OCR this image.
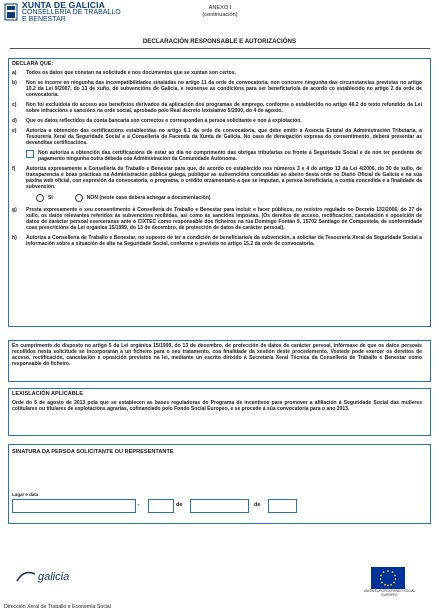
XUNTA DE GALICIA
CONSELLERÍA DE TRABALLO
E BENESTAR
ANEXO I
(continuación)
DECLARACIÓN RESPONSABLE E AUTORIZACIÓNS
DECLARA QUE:
a)	Todos os datos que constan na solicitude e nos documentos que se xuntan son certos.
b)	Non se incorre en ningunha das incompatibilidades sinaladas no artigo 11 da orde de convocatoria, non concorre ningunha das circunstancias previstas no artigo 10.2 da Lei 9/2007, do 13 de xuño, de subvencións de Galicia, e reúnense as condicións para ser beneficiario/a de acordo co establecido no artigo 2 da orde de convocatoria.
c)	Non foi excluído/a do acceso aos beneficios derivados da aplicación dos programas de emprego, conforme o establecido no artigo 46.2 do texto refundido da Lei sobre infraccións e sancións na orde social, aprobado polo Real decreto lexislativo 5/2000, do 4 de agosto.
d)	Que os datos reflectidos da conta bancaria son correctos e corresponden á persoa solicitante e non á explotación.
e)	Autoriza a obtención das certificacións establecidas no artigo 6.1 da orde de convocatoria, que debe emitir a Axencia Estatal da Administración Tributaria, a Tesourería Xeral da Seguridade Social e a Consellería de Facenda da Xunta de Galicia. No caso de denegación expresa do consentimento, deberá presentar as devanditas certificacións.
Non autoriza a obtención das certificacións de estar ao día no cumprimento das obrigas tributarias ou fronte á Seguridade Social e de non ter pendente de pagamento ningunha outra débeda coa Administración da Comunidade Autónoma.
f)	Autoriza expresamente a Consellería de Traballo e Benestar para que, de acordo co establecido nos números 3 e 4 do artigo 13 da Lei 4/2006, do 30 de xullo, de transparencia e boas prácticas na Administración pública galega, publique as subvencións concedidas ao abeiro desta orde no Diario Oficial de Galicia e na súa páxina web oficial, con expresión da convocatoria, o programa, o crédito orzamentario a que se imputan, a persoa beneficiaria, a contía concedida e a finalidade da subvención.
SI	NON (neste caso deberá achegar a documentación)
g)	Presta expresamente o seu consentimento á Consellería de Traballo e Benestar para incluír e facer públicos, no rexistro regulado no Decreto 132/2006, do 27 de xullo, os datos relevantes referidos ás subvencións recibidas, así como ás sancións impostas. (Os dereitos de acceso, rectificación, cancelación e oposición de datos de carácter persoal exerceranse ante o CIXTEC como responsable dos ficheiros na rúa Domingo Fontán 9, 15702 Santiago de Compostela, de conformidade coas prescricións da Lei orgánica 15/1999, do 13 de decembro, de protección de datos de carácter persoal).
h)	Autoriza a Consellería de Traballo e Benestar, no suposto de ter a condición de beneficiario/a da subvención, a solicitar da Tesourería Xeral da Seguridade Social a información sobre a situación de alta na Seguridade Social, conforme o previsto no artigo 15.2 da orde de convocatoria.
En cumprimento do disposto no artigo 5 da Lei orgánica 15/1999, do 13 de decembro, de protección de datos de carácter persoal, infórmase de que os datos persoais recollidos nesta solicitude se incorporarán a un ficheiro para o seu tratamento, coa finalidade da xestión deste procedemento. Vostede pode exercer os dereitos de acceso, rectificación, cancelación e oposición previstos na lei, mediante un escrito dirixido á Secretaría Xeral Técnica da Consellería de Traballo e Benestar como responsable do ficheiro.
LEXISLACIÓN APLICABLE
Orde do 5 de agosto de 2013 pola que se establecen as bases reguladoras do Programa de incentivos para promover a afiliación á Seguridade Social das mulleres cotitulares ou titulares de explotacións agrarias, cofinanciado polo Fondo Social Europeo, e se procede á súa convocatoria para o ano 2013.
SINATURA DA PERSOA SOLICITANTE OU REPRESENTANTE
Lugar e data
,	de	de
galicia
UNIÓN EUROPEA FONDO SOCIAL EUROPEO
Dirección Xeral de Traballo e Economía Social
